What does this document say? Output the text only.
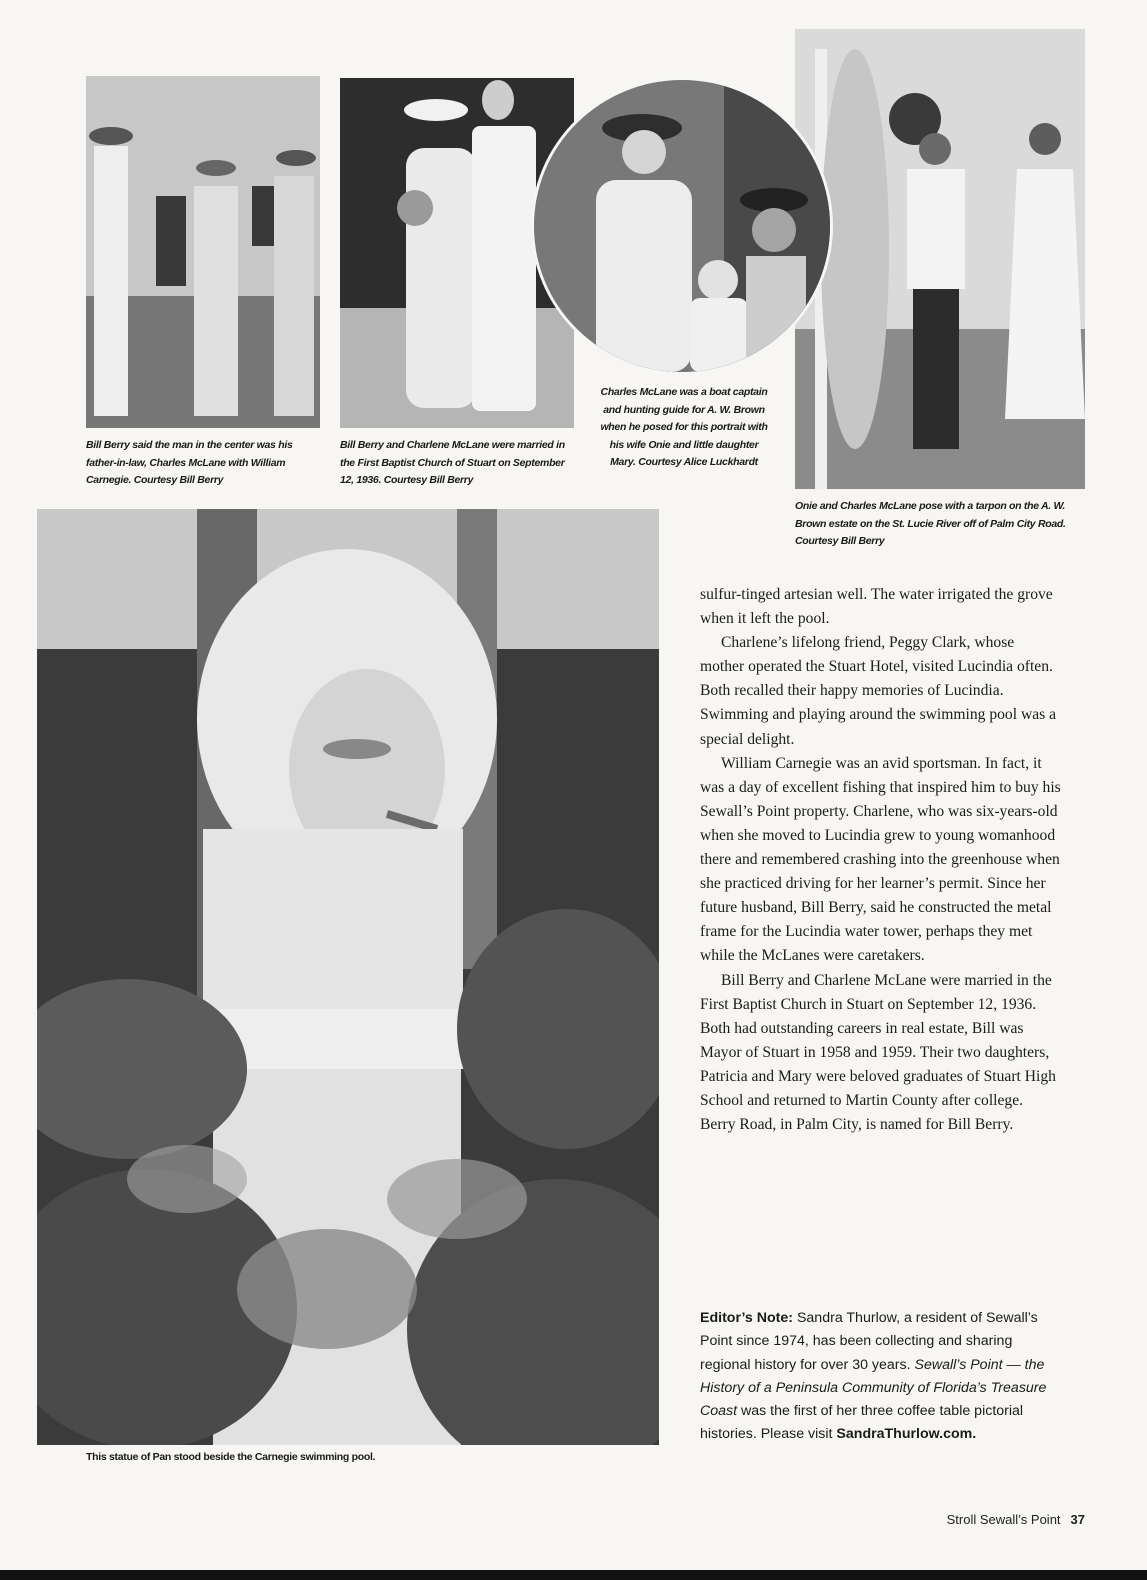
Bill Berry said the man in the center was his father-in-law, Charles McLane with William Carnegie. Courtesy Bill Berry

Bill Berry and Charlene McLane were married in the First Baptist Church of Stuart on September 12, 1936. Courtesy Bill Berry

Charles McLane was a boat captain and hunting guide for A. W. Brown when he posed for this portrait with his wife Onie and little daughter Mary. Courtesy Alice Luckhardt

Onie and Charles McLane pose with a tarpon on the A. W. Brown estate on the St. Lucie River off of Palm City Road. Courtesy Bill Berry

This statue of Pan stood beside the Carnegie swimming pool.

sulfur-tinged artesian well. The water irrigated the grove when it left the pool.

Charlene’s lifelong friend, Peggy Clark, whose mother operated the Stuart Hotel, visited Lucindia often. Both recalled their happy memories of Lucindia. Swimming and playing around the swimming pool was a special delight.

William Carnegie was an avid sportsman. In fact, it was a day of excellent fishing that inspired him to buy his Sewall’s Point property. Charlene, who was six-years-old when she moved to Lucindia grew to young womanhood there and remembered crashing into the greenhouse when she practiced driving for her learner’s permit. Since her future husband, Bill Berry, said he constructed the metal frame for the Lucindia water tower, perhaps they met while the McLanes were caretakers.

Bill Berry and Charlene McLane were married in the First Baptist Church in Stuart on September 12, 1936. Both had outstanding careers in real estate, Bill was Mayor of Stuart in 1958 and 1959. Their two daughters, Patricia and Mary were beloved graduates of Stuart High School and returned to Martin County after college. Berry Road, in Palm City, is named for Bill Berry.

Editor’s Note: Sandra Thurlow, a resident of Sewall’s Point since 1974, has been collecting and sharing regional history for over 30 years. Sewall’s Point — the History of a Peninsula Community of Florida’s Treasure Coast was the first of her three coffee table pictorial histories. Please visit SandraThurlow.com.

Stroll Sewall’s Point 37
